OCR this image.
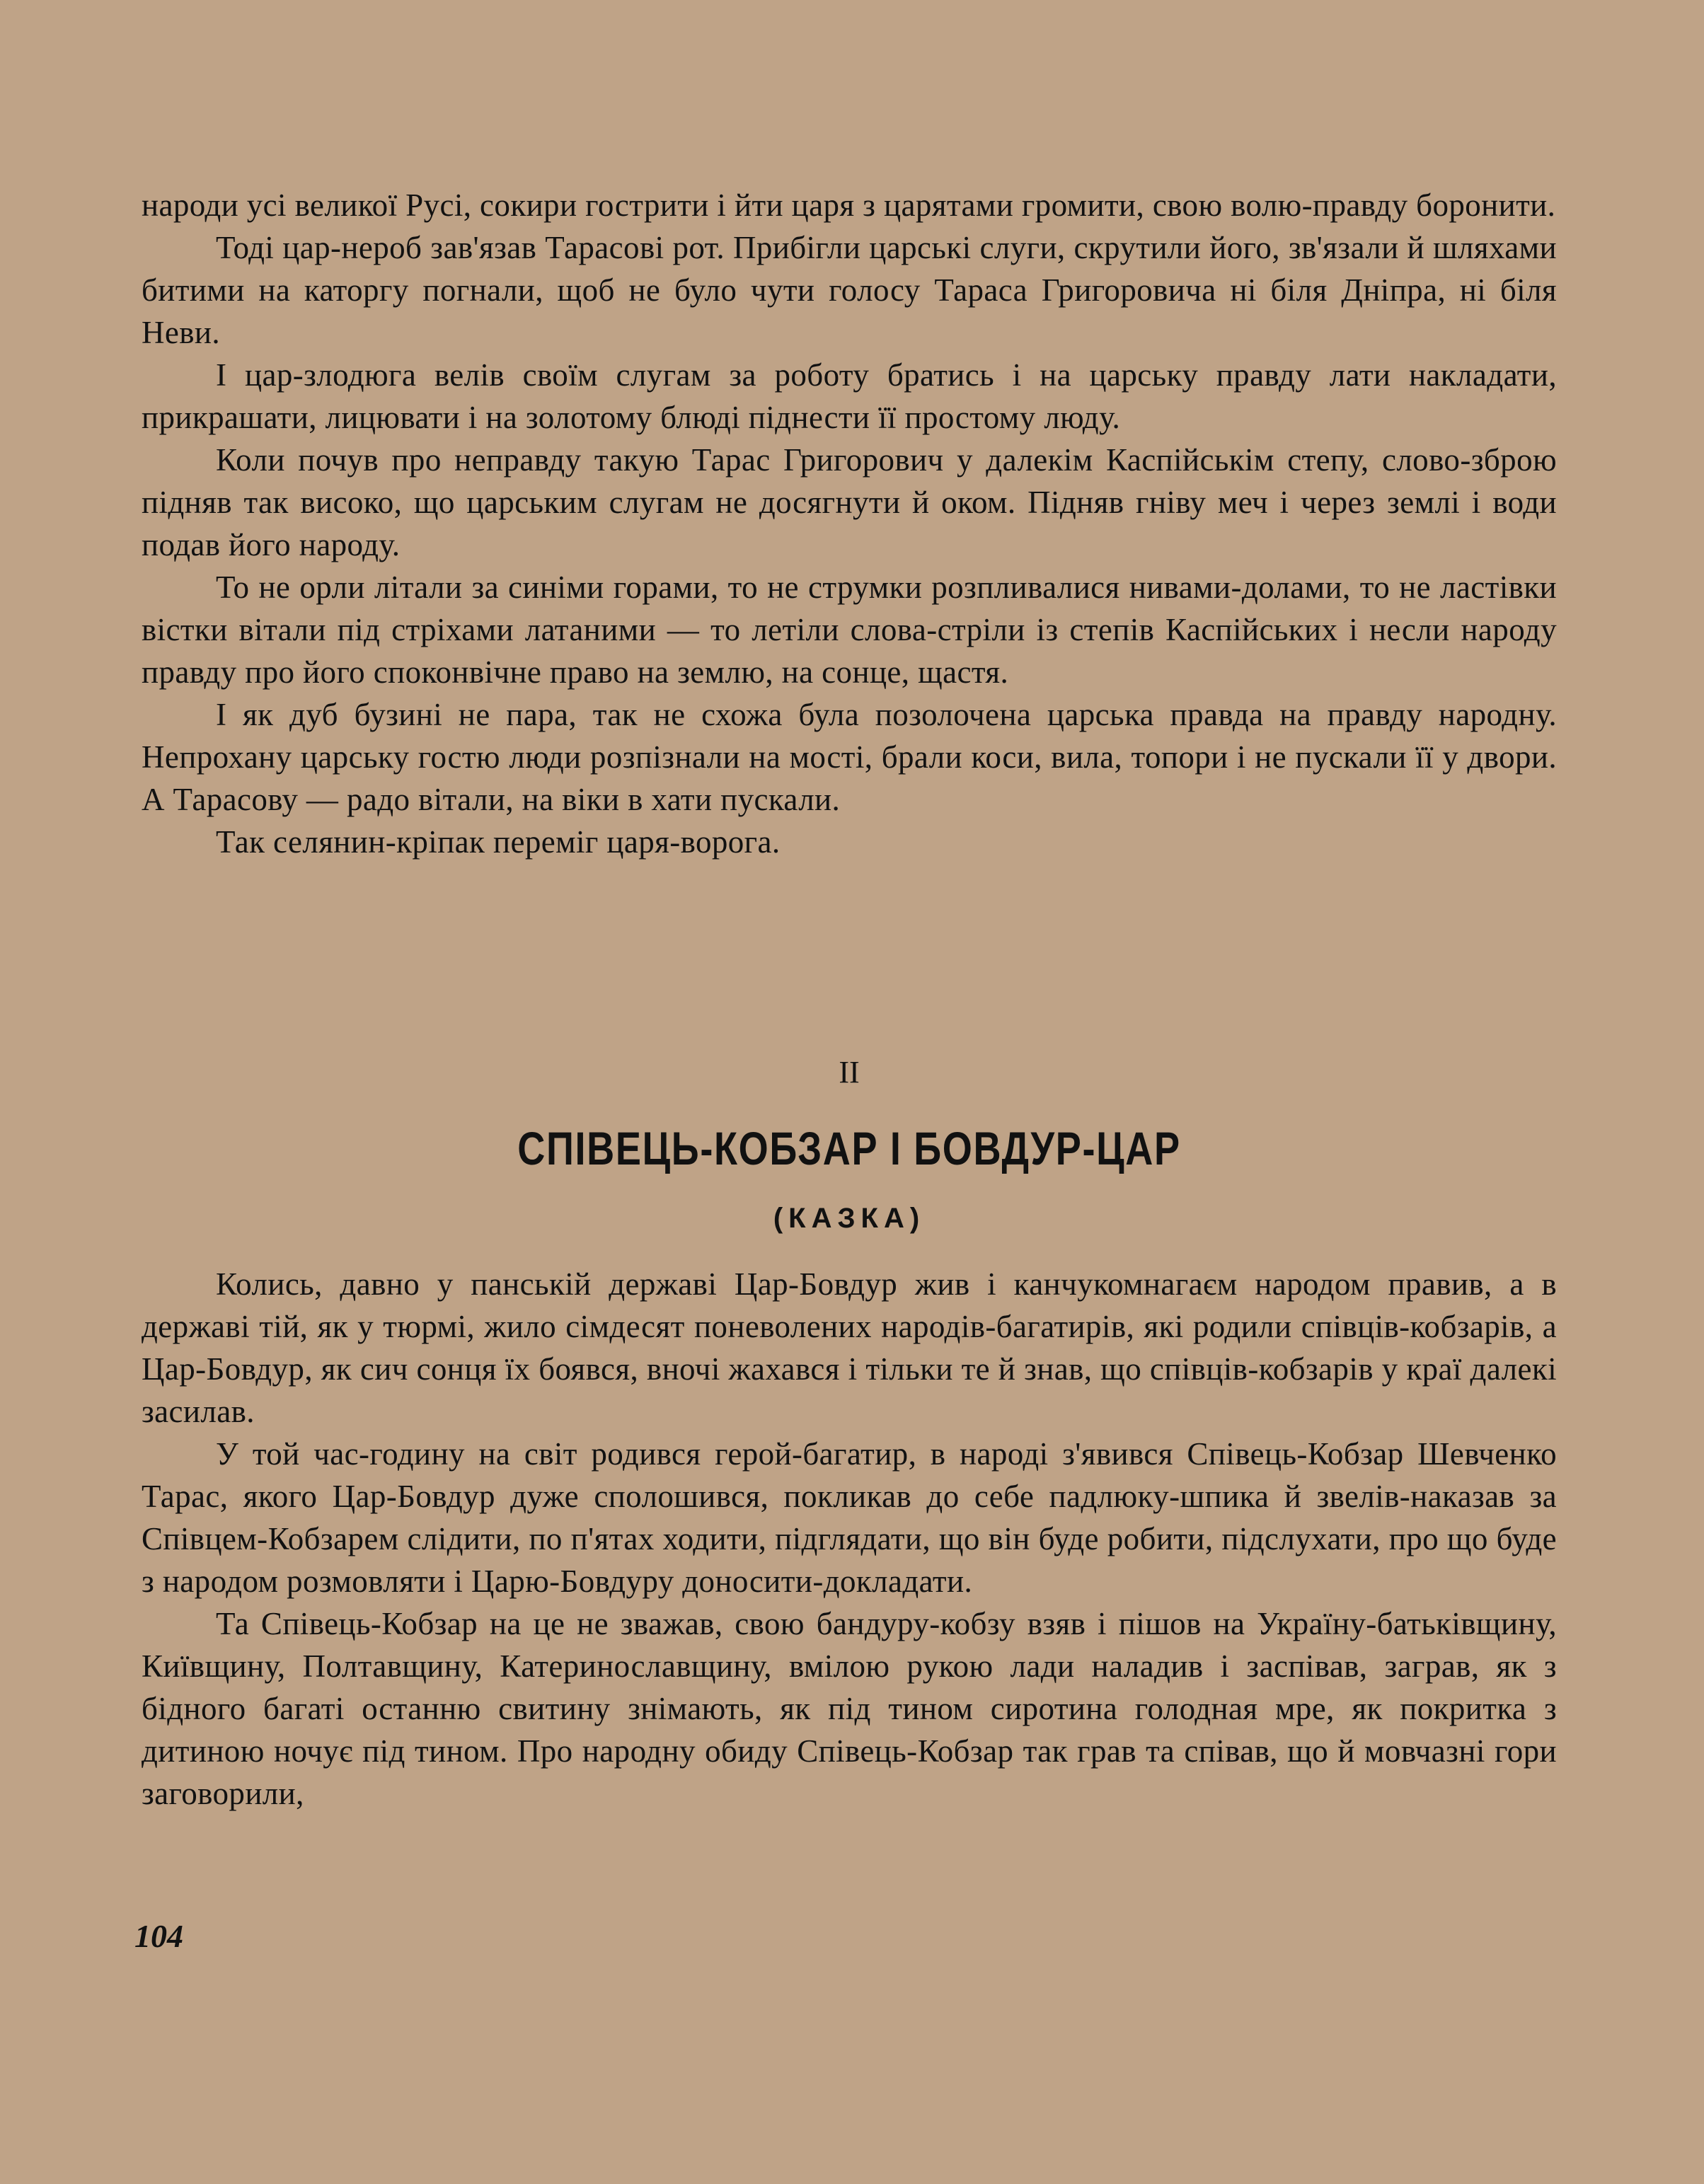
народи усі великої Русі, сокири гострити і йти царя з царятами громити, свою волю-правду боронити.

Тоді цар-нероб зав'язав Тарасові рот. Прибігли царські слуги, скрутили його, зв'язали й шляхами битими на каторгу погнали, щоб не було чути голосу Тараса Григоровича ні біля Дніпра, ні біля Неви.

І цар-злодюга велів своїм слугам за роботу братись і на царську правду лати накладати, прикрашати, лицювати і на золотому блюді піднести її простому люду.

Коли почув про неправду такую Тарас Григорович у далекім Каспійськім степу, слово-зброю підняв так високо, що царським слугам не досягнути й оком. Підняв гніву меч і через землі і води подав його народу.

То не орли літали за синіми горами, то не струмки розпливалися нивами-долами, то не ластівки вістки вітали під стріхами латаними — то летіли слова-стріли із степів Каспійських і несли народу правду про його споконвічне право на землю, на сонце, щастя.

І як дуб бузині не пара, так не схожа була позолочена царська правда на правду народну. Непрохану царську гостю люди розпізнали на мості, брали коси, вила, топори і не пускали її у двори. А Тарасову — радо вітали, на віки в хати пускали.

Так селянин-кріпак переміг царя-ворога.

II

СПІВЕЦЬ-КОБЗАР І БОВДУР-ЦАР

(КАЗКА)

Колись, давно у панській державі Цар-Бовдур жив і канчукомнагаєм народом правив, а в державі тій, як у тюрмі, жило сімдесят поневолених народів-багатирів, які родили співців-кобзарів, а Цар-Бовдур, як сич сонця їх боявся, вночі жахався і тільки те й знав, що співців-кобзарів у краї далекі засилав.

У той час-годину на світ родився герой-багатир, в народі з'явився Співець-Кобзар Шевченко Тарас, якого Цар-Бовдур дуже сполошився, покликав до себе падлюку-шпика й звелів-наказав за Співцем-Кобзарем слідити, по п'ятах ходити, підглядати, що він буде робити, підслухати, про що буде з народом розмовляти і Царю-Бовдуру доносити-докладати.

Та Співець-Кобзар на це не зважав, свою бандуру-кобзу взяв і пішов на Україну-батьківщину, Київщину, Полтавщину, Катеринославщину, вмілою рукою лади наладив і заспівав, заграв, як з бідного багаті останню свитину знімають, як під тином сиротина голодная мре, як покритка з дитиною ночує під тином. Про народну обиду Співець-Кобзар так грав та співав, що й мовчазні гори заговорили,

104
